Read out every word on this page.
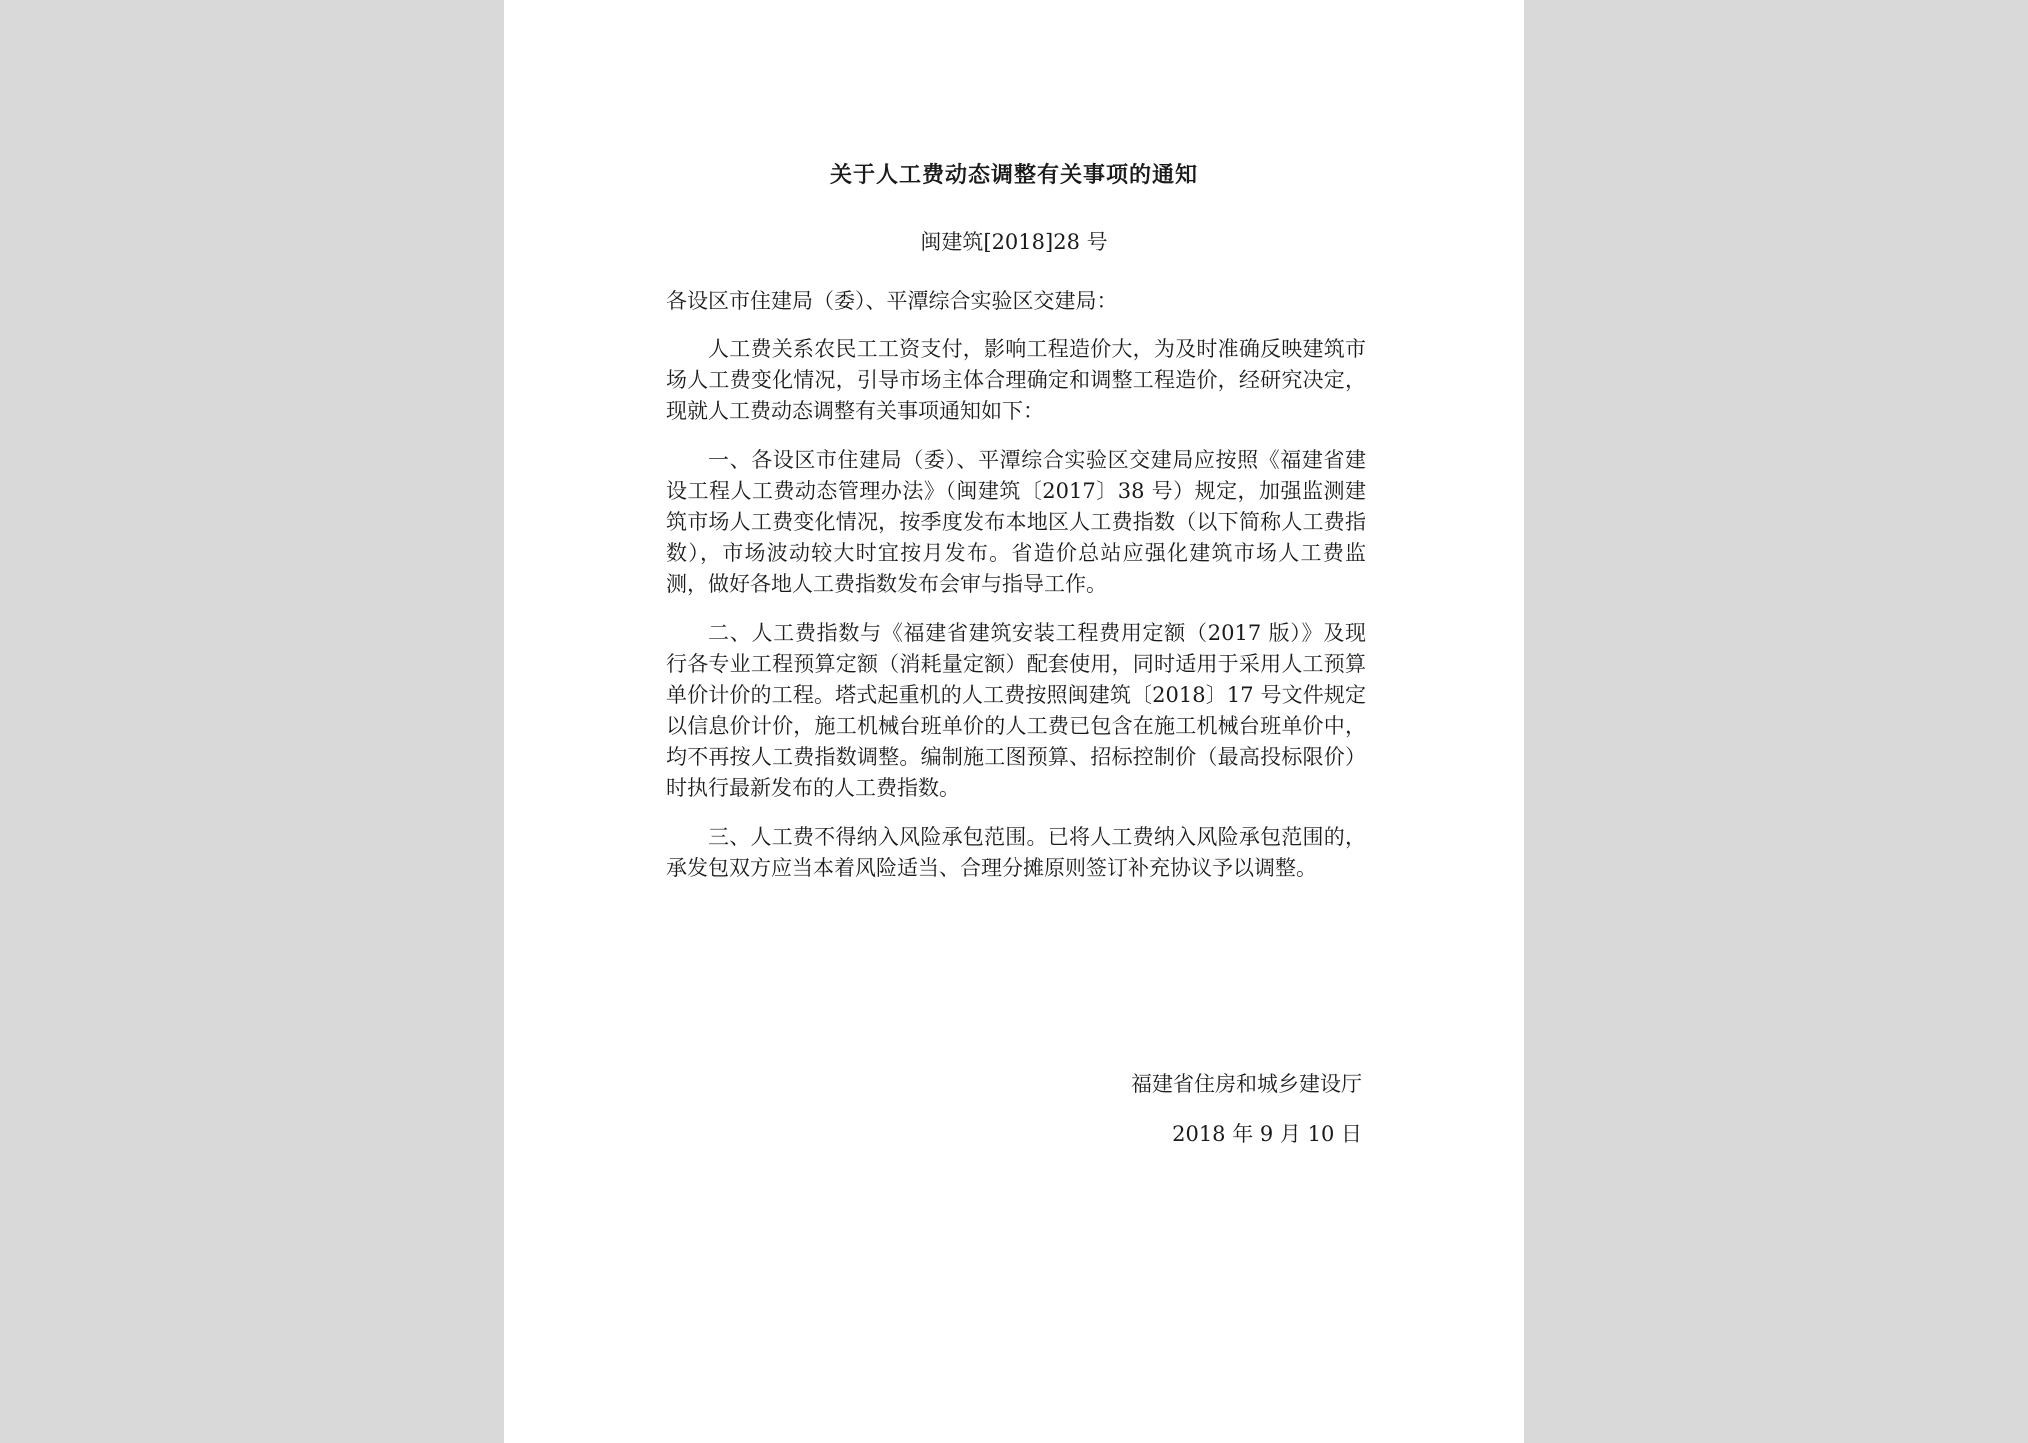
关于人工费动态调整有关事项的通知
闽建筑[2018]28 号

各设区市住建局（委）、平潭综合实验区交建局：

人工费关系农民工工资支付，影响工程造价大，为及时准确反映建筑市场人工费变化情况，引导市场主体合理确定和调整工程造价，经研究决定，现就人工费动态调整有关事项通知如下：

一、各设区市住建局（委）、平潭综合实验区交建局应按照《福建省建设工程人工费动态管理办法》（闽建筑〔2017〕38 号）规定，加强监测建筑市场人工费变化情况，按季度发布本地区人工费指数（以下简称人工费指数），市场波动较大时宜按月发布。省造价总站应强化建筑市场人工费监测，做好各地人工费指数发布会审与指导工作。

二、人工费指数与《福建省建筑安装工程费用定额（2017 版）》及现行各专业工程预算定额（消耗量定额）配套使用，同时适用于采用人工预算单价计价的工程。塔式起重机的人工费按照闽建筑〔2018〕17 号文件规定以信息价计价，施工机械台班单价的人工费已包含在施工机械台班单价中，均不再按人工费指数调整。编制施工图预算、招标控制价（最高投标限价）时执行最新发布的人工费指数。

三、人工费不得纳入风险承包范围。已将人工费纳入风险承包范围的，承发包双方应当本着风险适当、合理分摊原则签订补充协议予以调整。

福建省住房和城乡建设厅
2018 年 9 月 10 日
